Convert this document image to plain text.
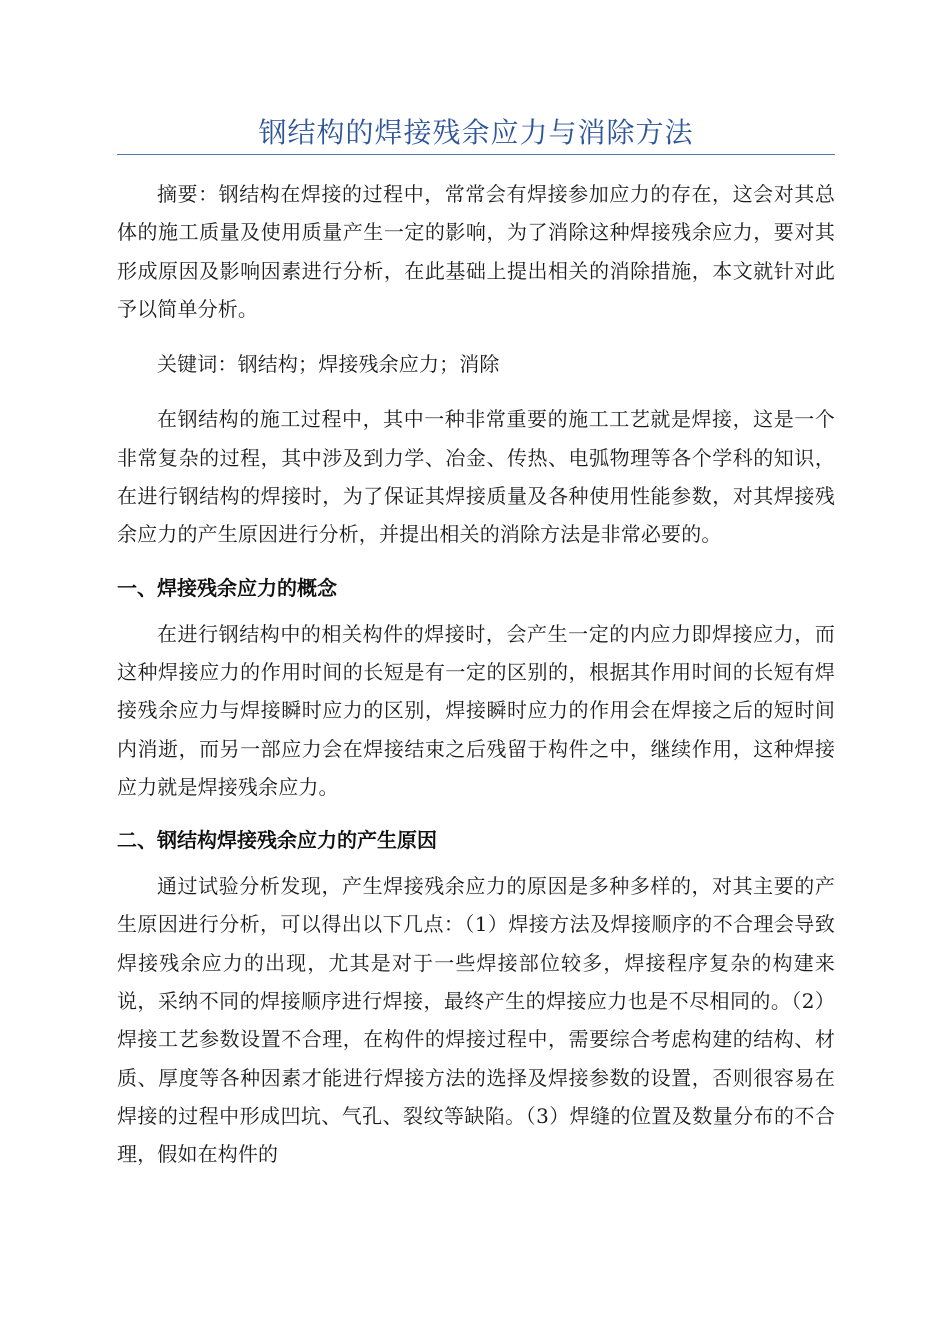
钢结构的焊接残余应力与消除方法

摘要：钢结构在焊接的过程中，常常会有焊接参加应力的存在，这会对其总体的施工质量及使用质量产生一定的影响，为了消除这种焊接残余应力，要对其形成原因及影响因素进行分析，在此基础上提出相关的消除措施，本文就针对此予以简单分析。

关键词：钢结构；焊接残余应力；消除

在钢结构的施工过程中，其中一种非常重要的施工工艺就是焊接，这是一个非常复杂的过程，其中涉及到力学、冶金、传热、电弧物理等各个学科的知识，在进行钢结构的焊接时，为了保证其焊接质量及各种使用性能参数，对其焊接残余应力的产生原因进行分析，并提出相关的消除方法是非常必要的。

一、焊接残余应力的概念

在进行钢结构中的相关构件的焊接时，会产生一定的内应力即焊接应力，而这种焊接应力的作用时间的长短是有一定的区别的，根据其作用时间的长短有焊接残余应力与焊接瞬时应力的区别，焊接瞬时应力的作用会在焊接之后的短时间内消逝，而另一部应力会在焊接结束之后残留于构件之中，继续作用，这种焊接应力就是焊接残余应力。

二、钢结构焊接残余应力的产生原因

通过试验分析发现，产生焊接残余应力的原因是多种多样的，对其主要的产生原因进行分析，可以得出以下几点：（1）焊接方法及焊接顺序的不合理会导致焊接残余应力的出现，尤其是对于一些焊接部位较多，焊接程序复杂的构建来说，采纳不同的焊接顺序进行焊接，最终产生的焊接应力也是不尽相同的。（2）焊接工艺参数设置不合理，在构件的焊接过程中，需要综合考虑构建的结构、材质、厚度等各种因素才能进行焊接方法的选择及焊接参数的设置，否则很容易在焊接的过程中形成凹坑、气孔、裂纹等缺陷。（3）焊缝的位置及数量分布的不合理，假如在构件的
